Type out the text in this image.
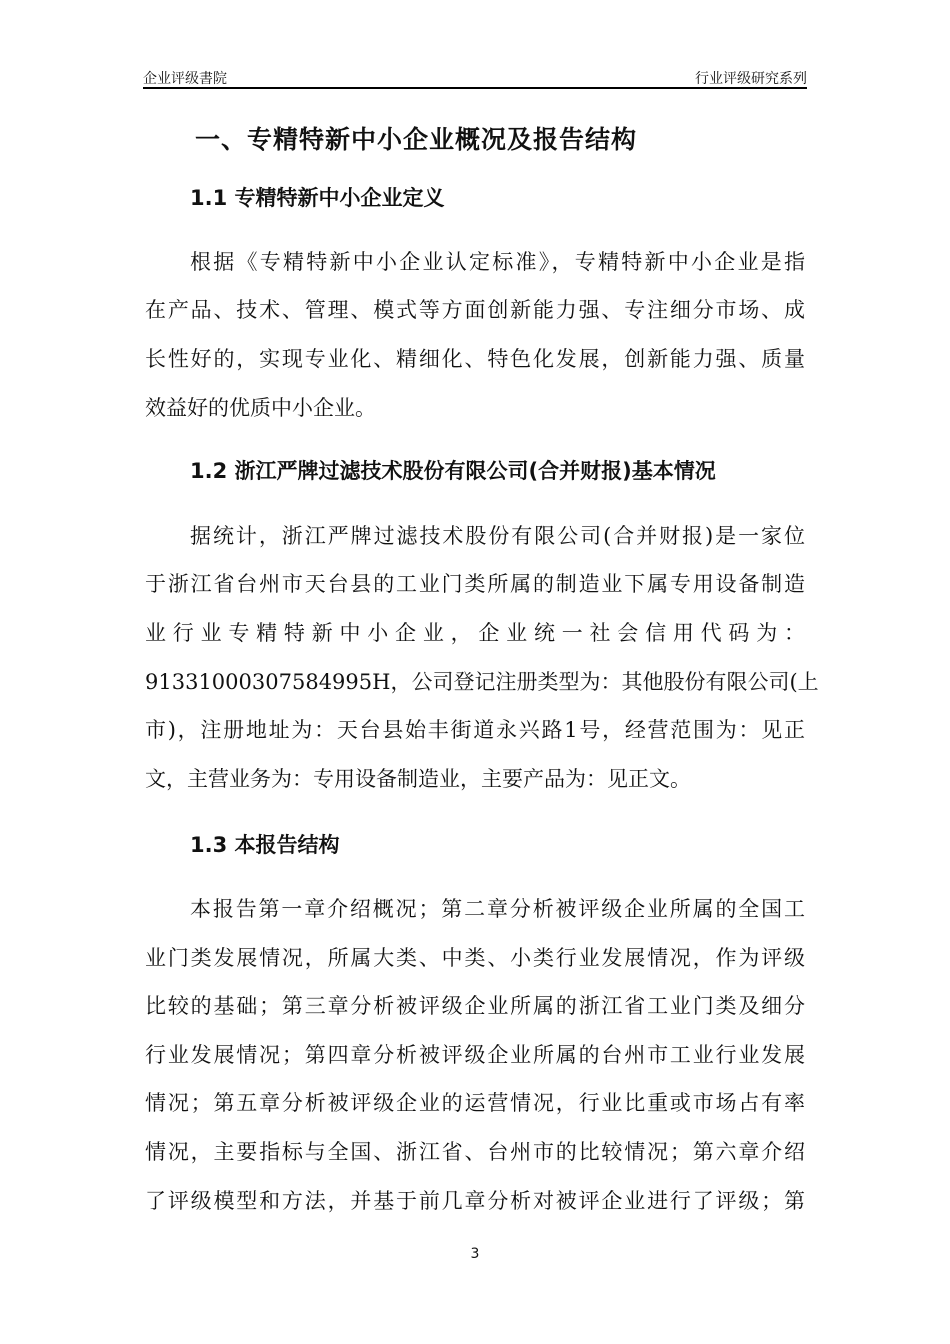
企业评级書院	行业评级研究系列
一、专精特新中小企业概况及报告结构
1.1 专精特新中小企业定义
根据《专精特新中小企业认定标准》，专精特新中小企业是指
在产品、技术、管理、模式等方面创新能力强、专注细分市场、成
长性好的，实现专业化、精细化、特色化发展，创新能力强、质量
效益好的优质中小企业。
1.2 浙江严牌过滤技术股份有限公司(合并财报)基本情况
据统计，浙江严牌过滤技术股份有限公司(合并财报)是一家位
于浙江省台州市天台县的工业门类所属的制造业下属专用设备制造
业行业专精特新中小企业，企业统一社会信用代码为：
91331000307584995H，公司登记注册类型为：其他股份有限公司(上
市)，注册地址为：天台县始丰街道永兴路1号，经营范围为：见正
文，主营业务为：专用设备制造业，主要产品为：见正文。
1.3 本报告结构
本报告第一章介绍概况；第二章分析被评级企业所属的全国工
业门类发展情况，所属大类、中类、小类行业发展情况，作为评级
比较的基础；第三章分析被评级企业所属的浙江省工业门类及细分
行业发展情况；第四章分析被评级企业所属的台州市工业行业发展
情况；第五章分析被评级企业的运营情况，行业比重或市场占有率
情况，主要指标与全国、浙江省、台州市的比较情况；第六章介绍
了评级模型和方法，并基于前几章分析对被评企业进行了评级；第
3
